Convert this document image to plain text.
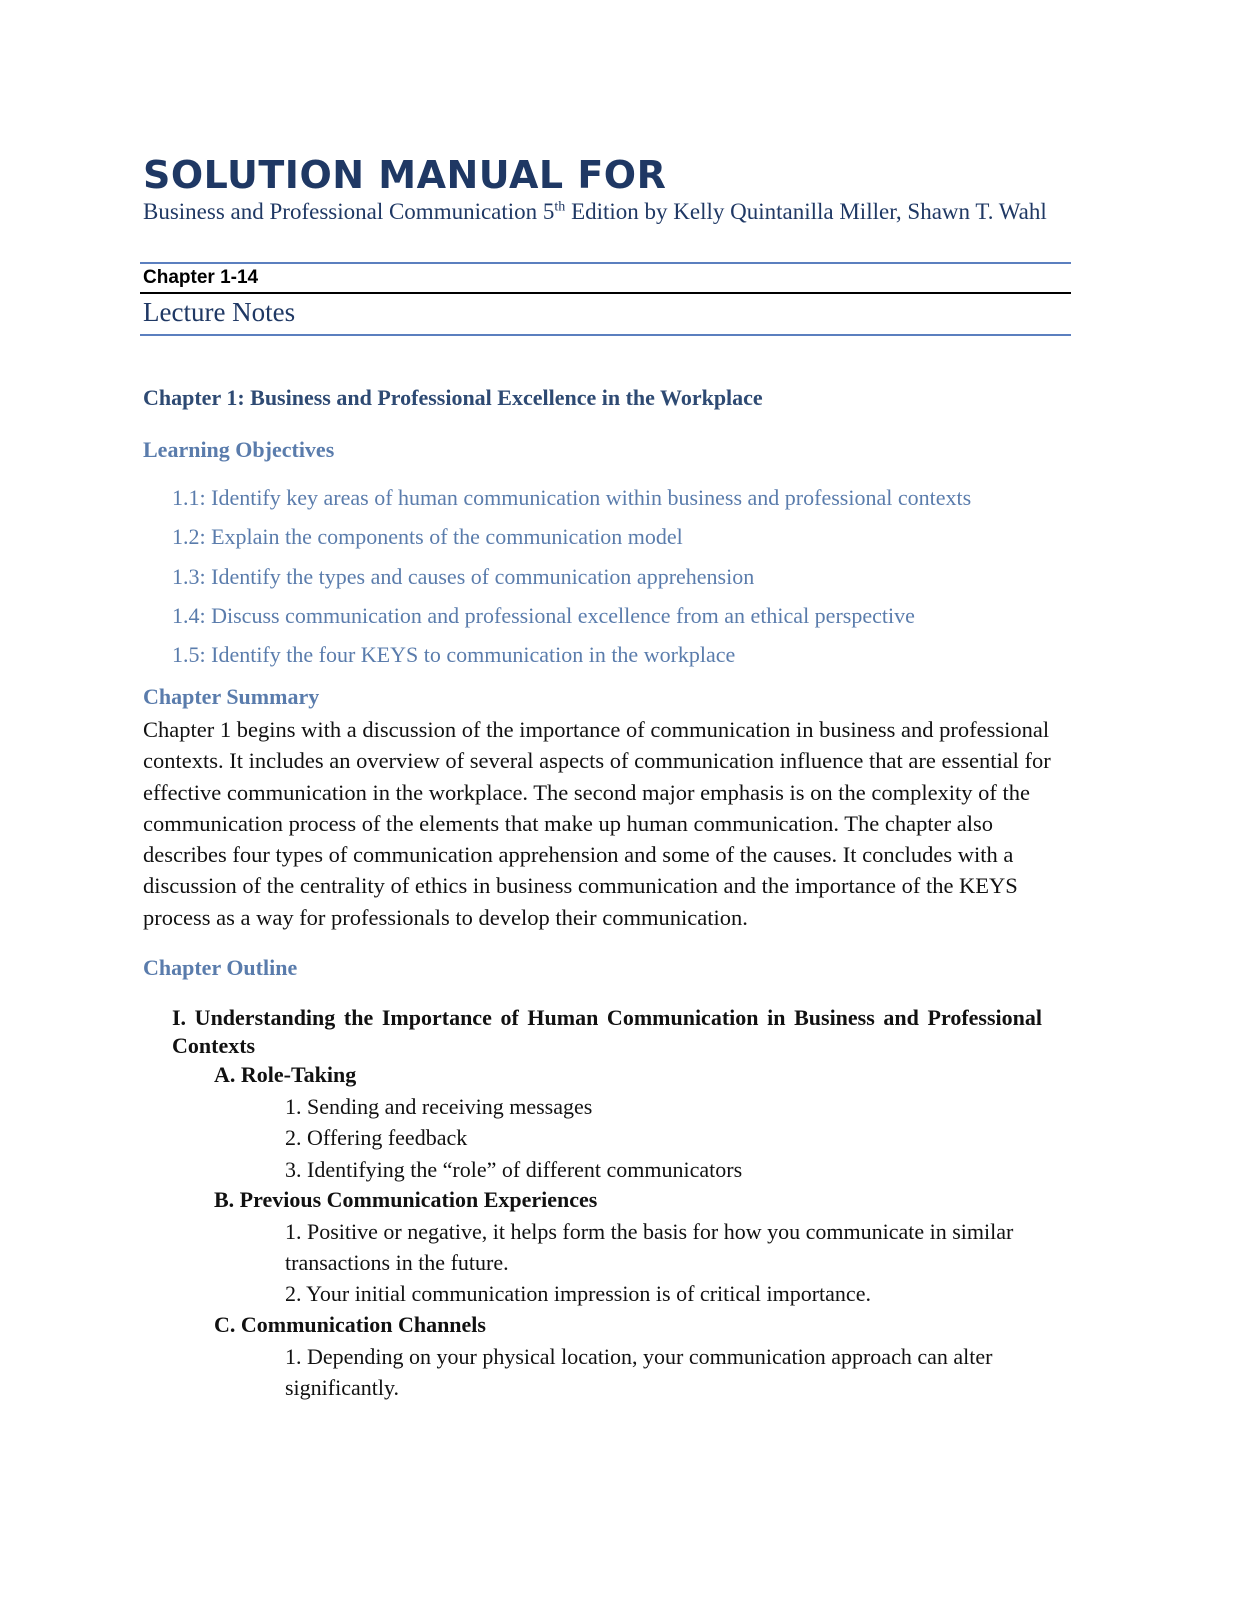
SOLUTION MANUAL FOR
Business and Professional Communication 5th Edition by Kelly Quintanilla Miller, Shawn T. Wahl
Chapter 1-14
Lecture Notes
Chapter 1: Business and Professional Excellence in the Workplace
Learning Objectives
1.1: Identify key areas of human communication within business and professional contexts
1.2: Explain the components of the communication model
1.3: Identify the types and causes of communication apprehension
1.4: Discuss communication and professional excellence from an ethical perspective
1.5: Identify the four KEYS to communication in the workplace
Chapter Summary
Chapter 1 begins with a discussion of the importance of communication in business and professional contexts. It includes an overview of several aspects of communication influence that are essential for effective communication in the workplace. The second major emphasis is on the complexity of the communication process of the elements that make up human communication. The chapter also describes four types of communication apprehension and some of the causes. It concludes with a discussion of the centrality of ethics in business communication and the importance of the KEYS process as a way for professionals to develop their communication.
Chapter Outline
I. Understanding the Importance of Human Communication in Business and Professional Contexts
A. Role-Taking
1. Sending and receiving messages
2. Offering feedback
3. Identifying the “role” of different communicators
B. Previous Communication Experiences
1. Positive or negative, it helps form the basis for how you communicate in similar transactions in the future.
2. Your initial communication impression is of critical importance.
C. Communication Channels
1. Depending on your physical location, your communication approach can alter significantly.
